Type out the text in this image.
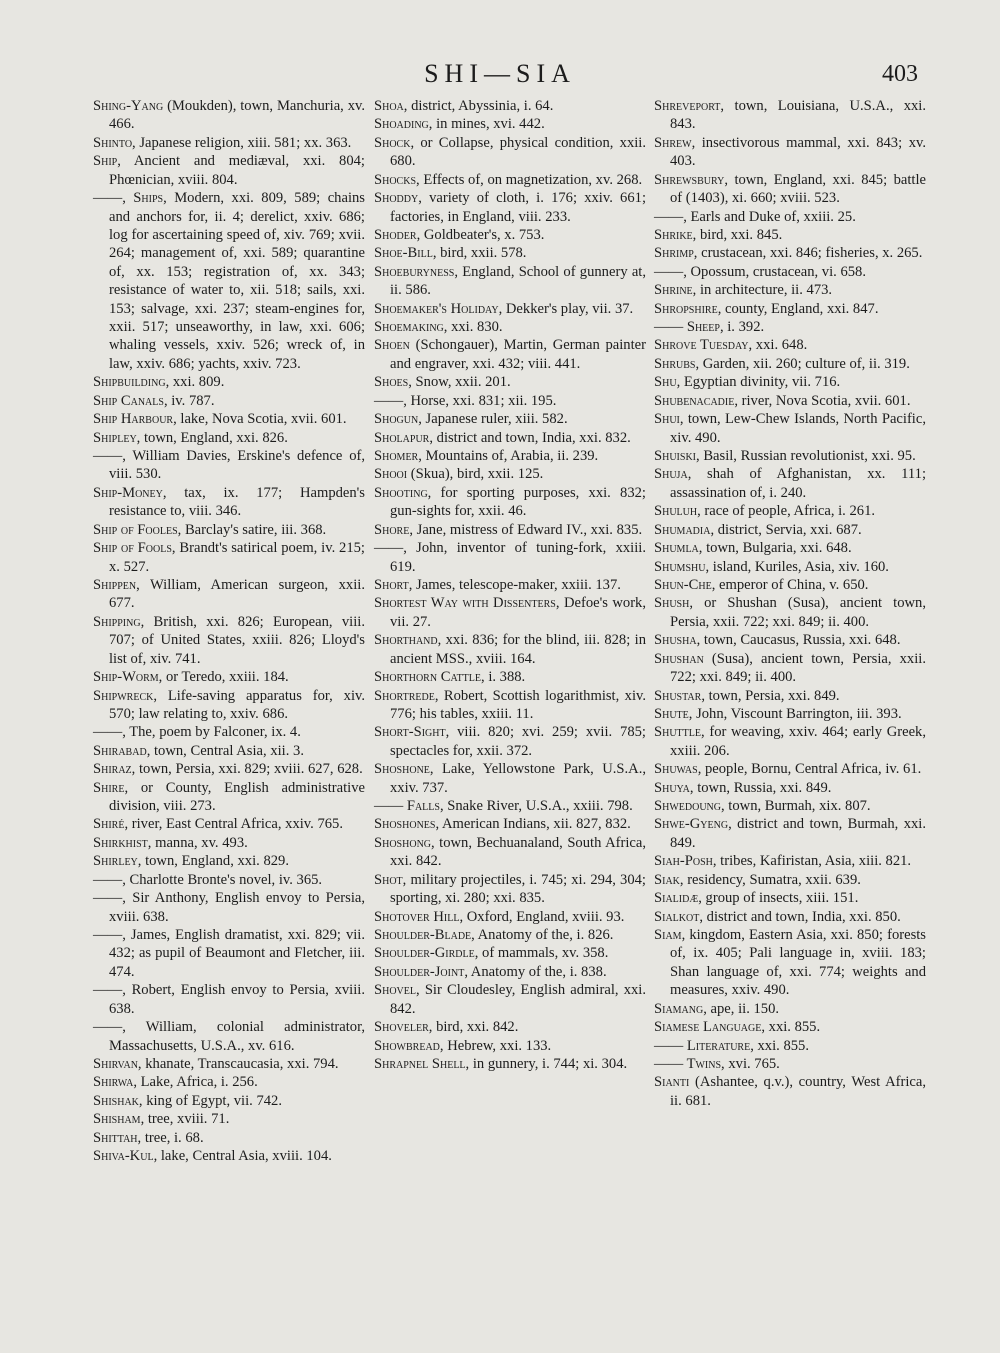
SHI—SIA	403

Shing-Yang (Moukden), town, Manchuria, xv. 466.

Shinto, Japanese religion, xiii. 581; xx. 363.

Ship, Ancient and mediæval, xxi. 804; Phœnician, xviii. 804.

——, Ships, Modern, xxi. 809, 589; chains and anchors for, ii. 4; derelict, xxiv. 686; log for ascertaining speed of, xiv. 769; xvii. 264; management of, xxi. 589; quarantine of, xx. 153; registration of, xx. 343; resistance of water to, xii. 518; sails, xxi. 153; salvage, xxi. 237; steam-engines for, xxii. 517; unseaworthy, in law, xxi. 606; whaling vessels, xxiv. 526; wreck of, in law, xxiv. 686; yachts, xxiv. 723.

Shipbuilding, xxi. 809.

Ship Canals, iv. 787.

Ship Harbour, lake, Nova Scotia, xvii. 601.

Shipley, town, England, xxi. 826.

——, William Davies, Erskine's defence of, viii. 530.

Ship-Money, tax, ix. 177; Hampden's resistance to, viii. 346.

Ship of Fooles, Barclay's satire, iii. 368.

Ship of Fools, Brandt's satirical poem, iv. 215; x. 527.

Shippen, William, American surgeon, xxii. 677.

Shipping, British, xxi. 826; European, viii. 707; of United States, xxiii. 826; Lloyd's list of, xiv. 741.

Ship-Worm, or Teredo, xxiii. 184.

Shipwreck, Life-saving apparatus for, xiv. 570; law relating to, xxiv. 686.

——, The, poem by Falconer, ix. 4.

Shirabad, town, Central Asia, xii. 3.

Shiraz, town, Persia, xxi. 829; xviii. 627, 628.

Shire, or County, English administrative division, viii. 273.

Shiré, river, East Central Africa, xxiv. 765.

Shirkhist, manna, xv. 493.

Shirley, town, England, xxi. 829.

——, Charlotte Bronte's novel, iv. 365.

——, Sir Anthony, English envoy to Persia, xviii. 638.

——, James, English dramatist, xxi. 829; vii. 432; as pupil of Beaumont and Fletcher, iii. 474.

——, Robert, English envoy to Persia, xviii. 638.

——, William, colonial administrator, Massachusetts, U.S.A., xv. 616.

Shirvan, khanate, Transcaucasia, xxi. 794.

Shirwa, Lake, Africa, i. 256.

Shishak, king of Egypt, vii. 742.

Shisham, tree, xviii. 71.

Shittah, tree, i. 68.

Shiva-Kul, lake, Central Asia, xviii. 104.

Shoa, district, Abyssinia, i. 64.

Shoading, in mines, xvi. 442.

Shock, or Collapse, physical condition, xxii. 680.

Shocks, Effects of, on magnetization, xv. 268.

Shoddy, variety of cloth, i. 176; xxiv. 661; factories, in England, viii. 233.

Shoder, Goldbeater's, x. 753.

Shoe-Bill, bird, xxii. 578.

Shoeburyness, England, School of gunnery at, ii. 586.

Shoemaker's Holiday, Dekker's play, vii. 37.

Shoemaking, xxi. 830.

Shoen (Schongauer), Martin, German painter and engraver, xxi. 432; viii. 441.

Shoes, Snow, xxii. 201.

——, Horse, xxi. 831; xii. 195.

Shogun, Japanese ruler, xiii. 582.

Sholapur, district and town, India, xxi. 832.

Shomer, Mountains of, Arabia, ii. 239.

Shooi (Skua), bird, xxii. 125.

Shooting, for sporting purposes, xxi. 832; gun-sights for, xxii. 46.

Shore, Jane, mistress of Edward IV., xxi. 835.

——, John, inventor of tuning-fork, xxiii. 619.

Short, James, telescope-maker, xxiii. 137.

Shortest Way with Dissenters, Defoe's work, vii. 27.

Shorthand, xxi. 836; for the blind, iii. 828; in ancient MSS., xviii. 164.

Shorthorn Cattle, i. 388.

Shortrede, Robert, Scottish logarithmist, xiv. 776; his tables, xxiii. 11.

Short-Sight, viii. 820; xvi. 259; xvii. 785; spectacles for, xxii. 372.

Shoshone, Lake, Yellowstone Park, U.S.A., xxiv. 737.

—— Falls, Snake River, U.S.A., xxiii. 798.

Shoshones, American Indians, xii. 827, 832.

Shoshong, town, Bechuanaland, South Africa, xxi. 842.

Shot, military projectiles, i. 745; xi. 294, 304; sporting, xi. 280; xxi. 835.

Shotover Hill, Oxford, England, xviii. 93.

Shoulder-Blade, Anatomy of the, i. 826.

Shoulder-Girdle, of mammals, xv. 358.

Shoulder-Joint, Anatomy of the, i. 838.

Shovel, Sir Cloudesley, English admiral, xxi. 842.

Shoveler, bird, xxi. 842.

Showbread, Hebrew, xxi. 133.

Shrapnel Shell, in gunnery, i. 744; xi. 304.

Shreveport, town, Louisiana, U.S.A., xxi. 843.

Shrew, insectivorous mammal, xxi. 843; xv. 403.

Shrewsbury, town, England, xxi. 845; battle of (1403), xi. 660; xviii. 523.

——, Earls and Duke of, xxiii. 25.

Shrike, bird, xxi. 845.

Shrimp, crustacean, xxi. 846; fisheries, x. 265.

——, Opossum, crustacean, vi. 658.

Shrine, in architecture, ii. 473.

Shropshire, county, England, xxi. 847.

—— Sheep, i. 392.

Shrove Tuesday, xxi. 648.

Shrubs, Garden, xii. 260; culture of, ii. 319.

Shu, Egyptian divinity, vii. 716.

Shubenacadie, river, Nova Scotia, xvii. 601.

Shui, town, Lew-Chew Islands, North Pacific, xiv. 490.

Shuiski, Basil, Russian revolutionist, xxi. 95.

Shuja, shah of Afghanistan, xx. 111; assassination of, i. 240.

Shuluh, race of people, Africa, i. 261.

Shumadia, district, Servia, xxi. 687.

Shumla, town, Bulgaria, xxi. 648.

Shumshu, island, Kuriles, Asia, xiv. 160.

Shun-Che, emperor of China, v. 650.

Shush, or Shushan (Susa), ancient town, Persia, xxii. 722; xxi. 849; ii. 400.

Shusha, town, Caucasus, Russia, xxi. 648.

Shushan (Susa), ancient town, Persia, xxii. 722; xxi. 849; ii. 400.

Shustar, town, Persia, xxi. 849.

Shute, John, Viscount Barrington, iii. 393.

Shuttle, for weaving, xxiv. 464; early Greek, xxiii. 206.

Shuwas, people, Bornu, Central Africa, iv. 61.

Shuya, town, Russia, xxi. 849.

Shwedoung, town, Burmah, xix. 807.

Shwe-Gyeng, district and town, Burmah, xxi. 849.

Siah-Posh, tribes, Kafiristan, Asia, xiii. 821.

Siak, residency, Sumatra, xxii. 639.

Sialidæ, group of insects, xiii. 151.

Sialkot, district and town, India, xxi. 850.

Siam, kingdom, Eastern Asia, xxi. 850; forests of, ix. 405; Pali language in, xviii. 183; Shan language of, xxi. 774; weights and measures, xxiv. 490.

Siamang, ape, ii. 150.

Siamese Language, xxi. 855.

—— Literature, xxi. 855.

—— Twins, xvi. 765.

Sianti (Ashantee, q.v.), country, West Africa, ii. 681.
